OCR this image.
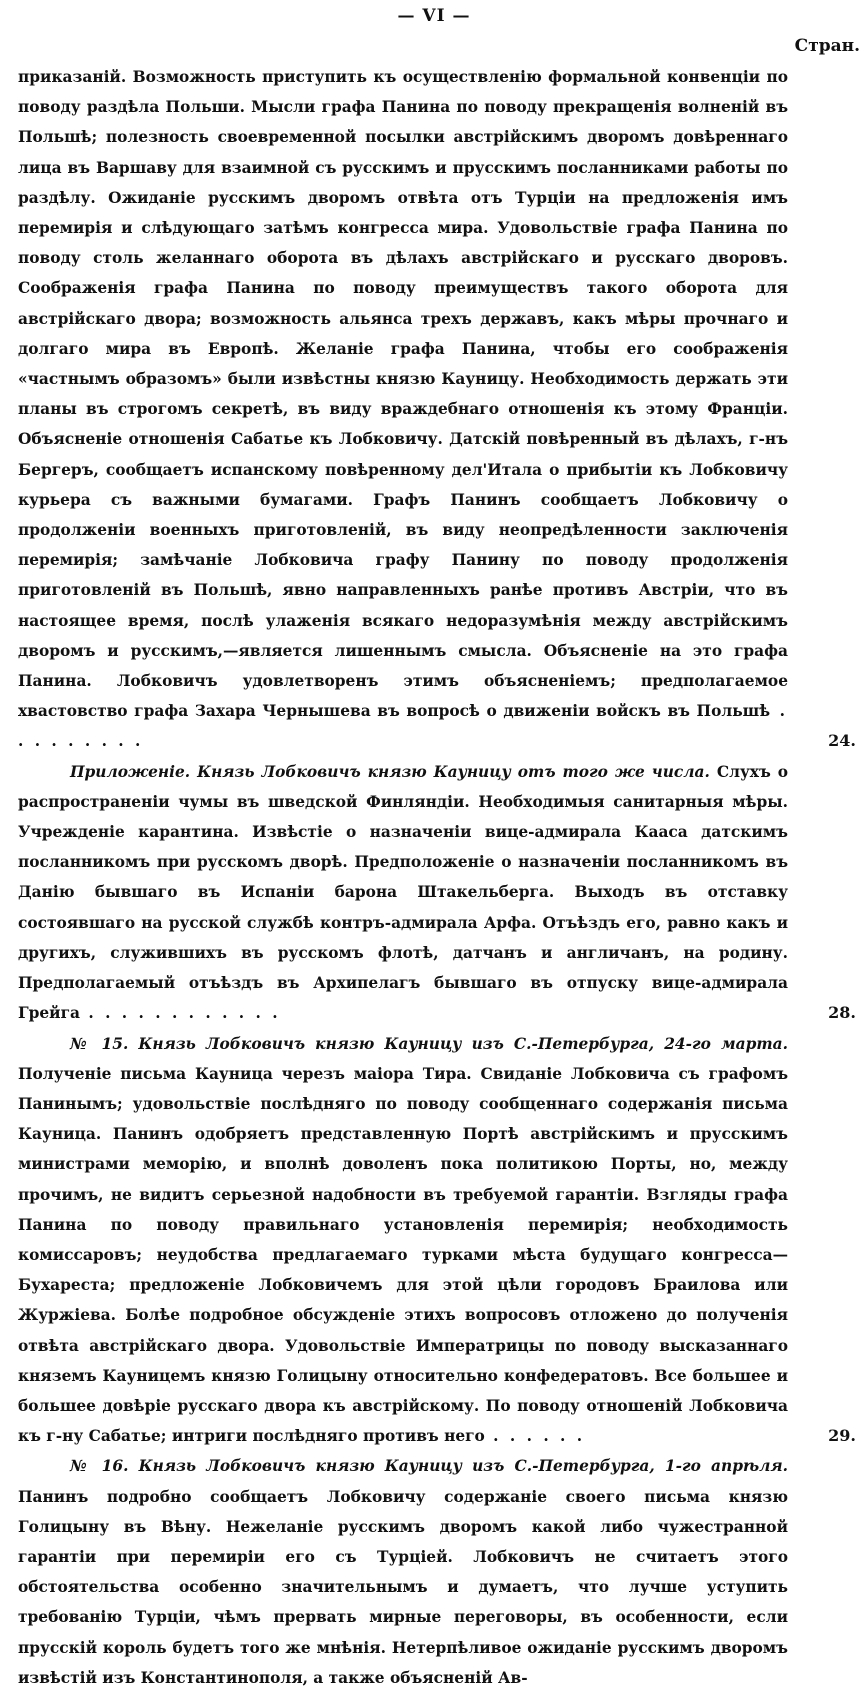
— VI —
Стран.

приказаній. Возможность приступить къ осуществленію формальной конвенціи по поводу раздѣла Польши. Мысли графа Панина по поводу прекращенія волненій въ Польшѣ; полезность своевременной посылки австрійскимъ дворомъ довѣреннаго лица въ Варшаву для взаимной съ русскимъ и прусскимъ посланниками работы по раздѣлу. Ожиданіе русскимъ дворомъ отвѣта отъ Турціи на предложенія имъ перемирія и слѣдующаго затѣмъ конгресса мира. Удовольствіе графа Панина по поводу столь желаннаго оборота въ дѣлахъ австрійскаго и русскаго дворовъ. Соображенія графа Панина по поводу преимуществъ такого оборота для австрійскаго двора; возможность альянса трехъ державъ, какъ мѣры прочнаго и долгаго мира въ Европѣ. Желаніе графа Панина, чтобы его соображенія «частнымъ образомъ» были извѣстны князю Кауницу. Необходимость держать эти планы въ строгомъ секретѣ, въ виду враждебнаго отношенія къ этому Франціи. Объясненіе отношенія Сабатье къ Лобковичу. Датскій повѣренный въ дѣлахъ, г-нъ Бергеръ, сообщаетъ испанскому повѣренному дел'Итала о прибытіи къ Лобковичу курьера съ важными бумагами. Графъ Панинъ сообщаетъ Лобковичу о продолженіи военныхъ приготовленій, въ виду неопредѣленности заключенія перемирія; замѣчаніе Лобковича графу Панину по поводу продолженія приготовленій въ Польшѣ, явно направленныхъ ранѣе противъ Австріи, что въ настоящее время, послѣ улаженія всякаго недоразумѣнія между австрійскимъ дворомъ и русскимъ,—является лишеннымъ смысла. Объясненіе на это графа Панина. Лобковичъ удовлетворенъ этимъ объясненіемъ; предполагаемое хвастовство графа Захара Чернышева въ вопросѣ о движеніи войскъ въ Польшѣ . . . . . . . . .	24.

Приложеніе. Князь Лобковичъ князю Кауницу отъ того же числа. Слухъ о распространеніи чумы въ шведской Финляндіи. Необходимыя санитарныя мѣры. Учрежденіе карантина. Извѣстіе о назначеніи вице-адмирала Кааса датскимъ посланникомъ при русскомъ дворѣ. Предположеніе о назначеніи посланникомъ въ Данію бывшаго въ Испаніи барона Штакельберга. Выходъ въ отставку состоявшаго на русской службѣ контръ-адмирала Арфа. Отъѣздъ его, равно какъ и другихъ, служившихъ въ русскомъ флотѣ, датчанъ и англичанъ, на родину. Предполагаемый отъѣздъ въ Архипелагъ бывшаго въ отпуску вице-адмирала Грейга . . . . . . . . . . . .	28.

№ 15. Князь Лобковичъ князю Кауницу изъ С.-Петербурга, 24-го марта. Полученіе письма Кауница черезъ маіора Тира. Свиданіе Лобковича съ графомъ Панинымъ; удовольствіе послѣдняго по поводу сообщеннаго содержанія письма Кауница. Панинъ одобряетъ представленную Портѣ австрійскимъ и прусскимъ министрами меморію, и вполнѣ доволенъ пока политикою Порты, но, между прочимъ, не видитъ серьезной надобности въ требуемой гарантіи. Взгляды графа Панина по поводу правильнаго установленія перемирія; необходимость комиссаровъ; неудобства предлагаемаго турками мѣста будущаго конгресса—Бухареста; предложеніе Лобковичемъ для этой цѣли городовъ Браилова или Журжіева. Болѣе подробное обсужденіе этихъ вопросовъ отложено до полученія отвѣта австрійскаго двора. Удовольствіе Императрицы по поводу высказаннаго княземъ Кауницемъ князю Голицыну относительно конфедератовъ. Все большее и большее довѣріе русскаго двора къ австрійскому. По поводу отношеній Лобковича къ г-ну Сабатье; интриги послѣдняго противъ него . . . . . .	29.

№ 16. Князь Лобковичъ князю Кауницу изъ С.-Петербурга, 1-го апрѣля. Панинъ подробно сообщаетъ Лобковичу содержаніе своего письма князю Голицыну въ Вѣну. Нежеланіе русскимъ дворомъ какой либо чужестранной гарантіи при перемиріи его съ Турціей. Лобковичъ не считаетъ этого обстоятельства особенно значительнымъ и думаетъ, что лучше уступить требованію Турціи, чѣмъ прервать мирные переговоры, въ особенности, если прусскій король будетъ того же мнѣнія. Нетерпѣливое ожиданіе русскимъ дворомъ извѣстій изъ Константинополя, а также объясненій Ав-
